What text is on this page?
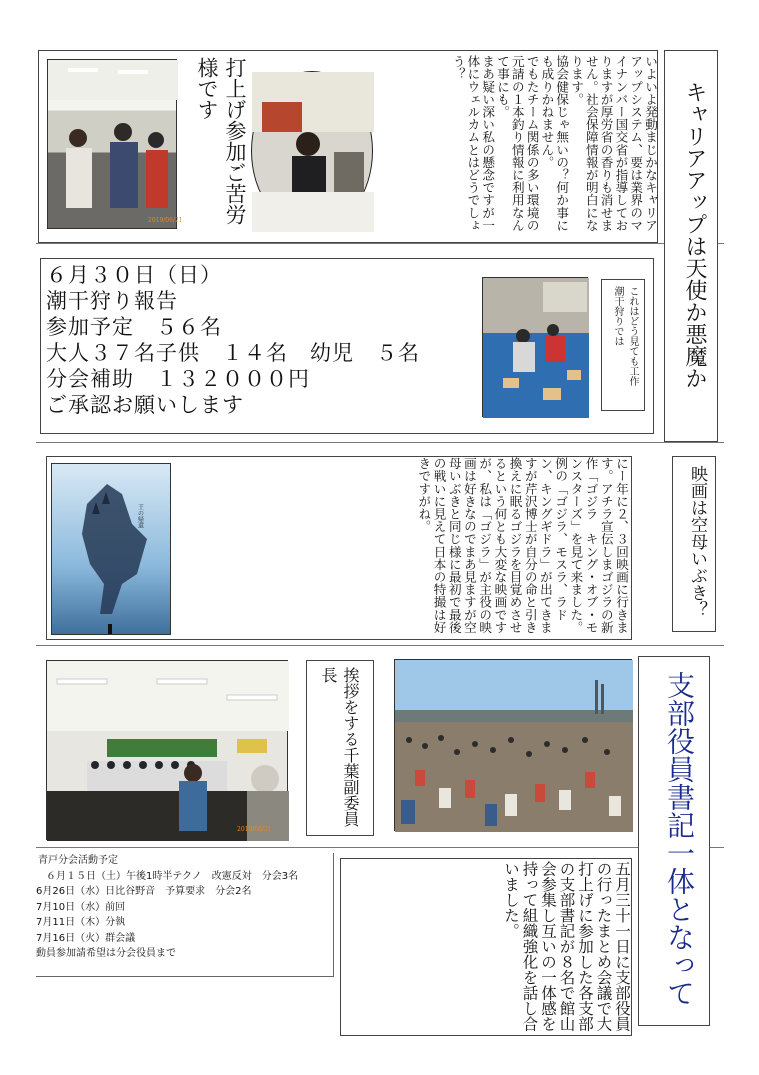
2019/06/21	打上げ参加ご苦労様です	いよいよ発動まじかなキャリアアップシステム、要は業界のマイナンバー国交省が指導しておりますが厚労省の香りも消せません。社会保障情報が明白になります。
協会健保じゃ無いの？何か事にも成りかねません。
でもたチーム関係の多い環境の元請の１本釣り情報に利用なんて事にも。
まあ疑い深い私の懸念ですが一体にウェルカムとはどうでしょう？
キャリアアップは天使か悪魔か
６月３０日（日）
潮干狩り報告
参加予定　５６名
大人３７名子供　１４名　幼児　５名
分会補助　１３２０００円
ご承認お願いします
これはどう見ても工作
潮干狩りでは
王の帰還	にー年に２、３回映画に行きます。アチラ宣伝しまゴジラの新作「ゴジラ　キング・オブ・モンスターズ」を見て来ました。例の「ゴジラ、モスラ、ラドン、キングギドラ」が出てきますが芹沢博士が自分の命と引き換えに眠るゴジラを目覚めさせるという何とも大変な映画ですが、私は「ゴジラ」が主役の映画は好きなのでまあ見ますが空母いぶきと同じ様に最初で最後の戦いに見えて日本の特撮は好きですがね。	映画は空母いぶき？
2019/06/21
挨拶をする千葉副委員長	支部役員書記一体となって
青戸分会活動予定
６月１５日（土）午後1時半テクノ　改憲反対　分会3名
6月26日（水）日比谷野音　予算要求　分会2名
7月10日（水）前回
7月11日（木）分執
7月16日（火）群会議
動員参加請希望は分会役員まで	五月三十一日に支部役員の行ったまとめ会議で大打上げに参加した各支部の支部書記が８名で館山会参集し互いの一体感を持って組織強化を話し合いました。
